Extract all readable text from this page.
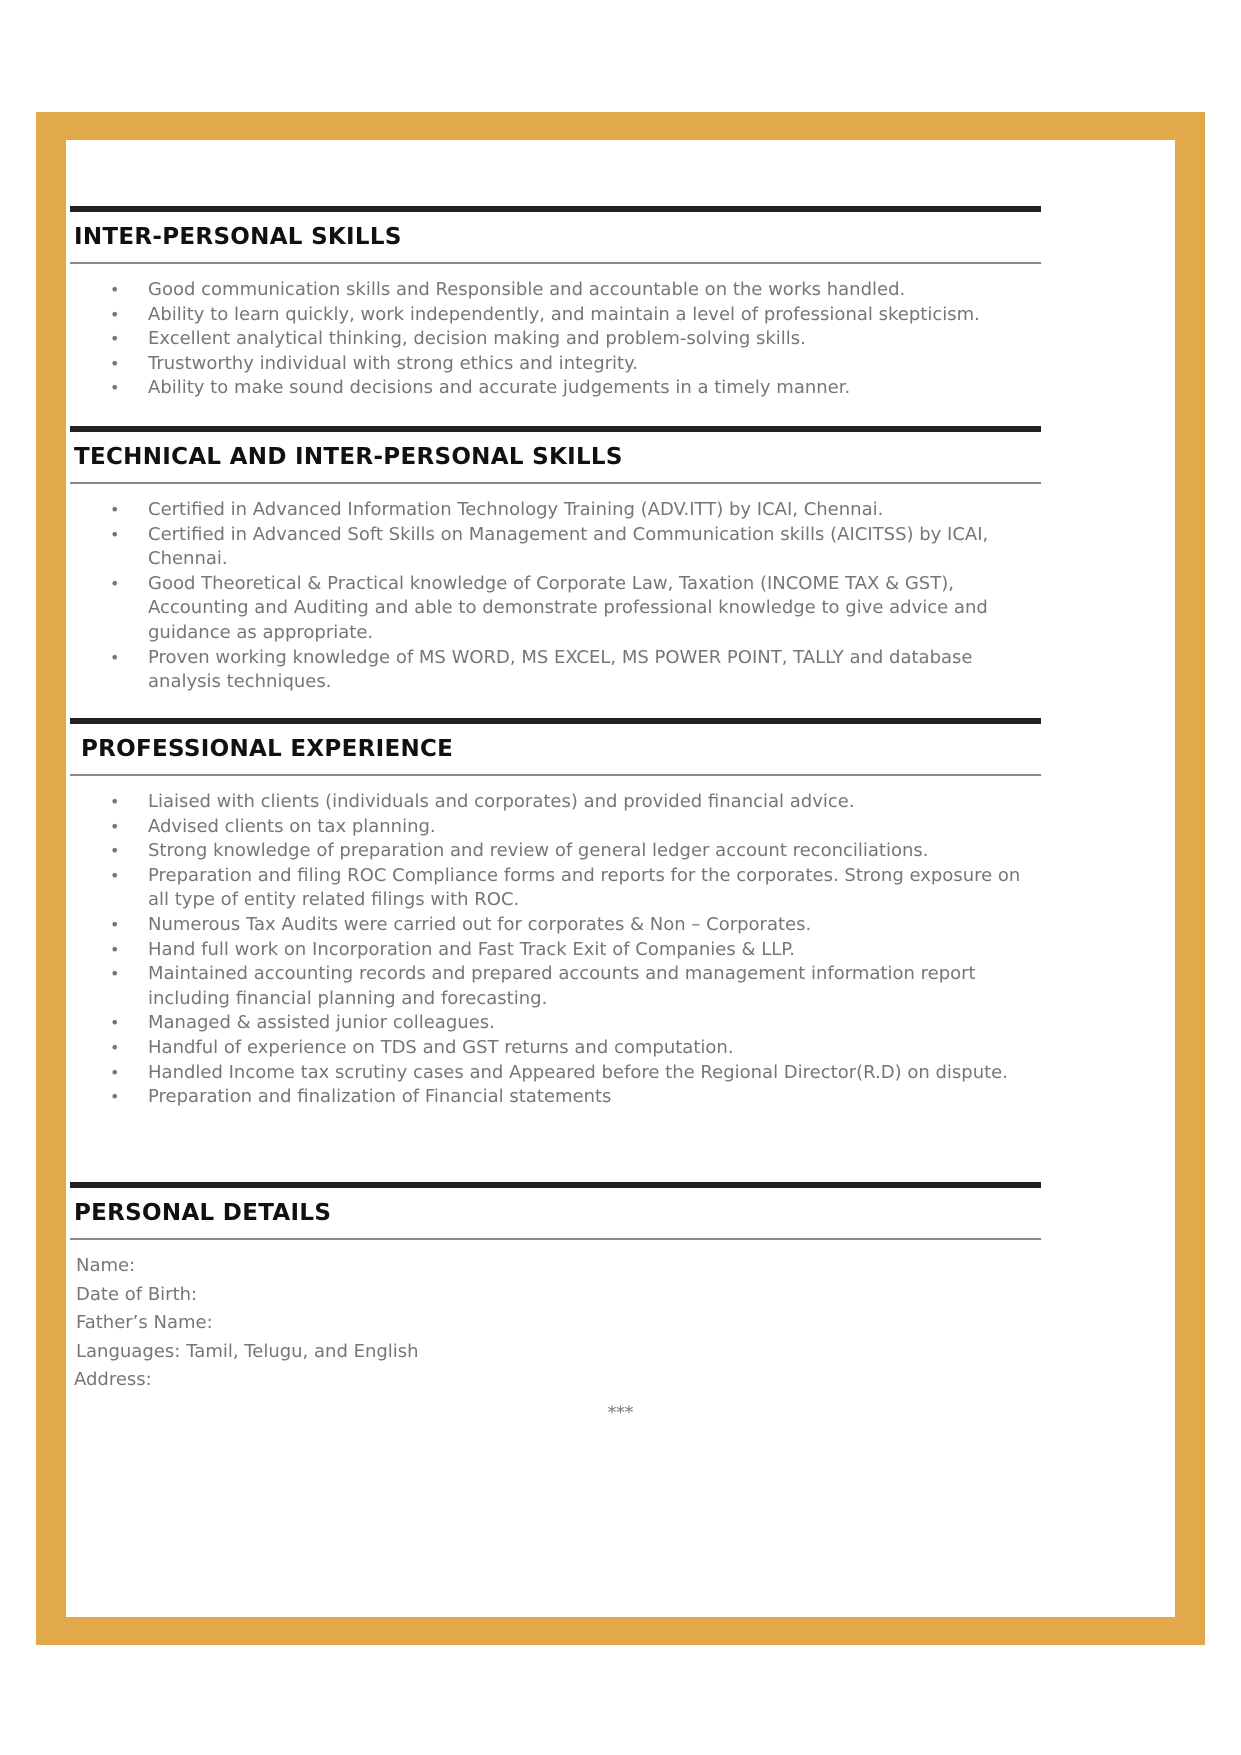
INTER-PERSONAL SKILLS
• Good communication skills and Responsible and accountable on the works handled.
• Ability to learn quickly, work independently, and maintain a level of professional skepticism.
• Excellent analytical thinking, decision making and problem-solving skills.
• Trustworthy individual with strong ethics and integrity.
• Ability to make sound decisions and accurate judgements in a timely manner.
TECHNICAL AND INTER-PERSONAL SKILLS
• Certified in Advanced Information Technology Training (ADV.ITT) by ICAI, Chennai.
• Certified in Advanced Soft Skills on Management and Communication skills (AICITSS) by ICAI, Chennai.
• Good Theoretical & Practical knowledge of Corporate Law, Taxation (INCOME TAX & GST), Accounting and Auditing and able to demonstrate professional knowledge to give advice and guidance as appropriate.
• Proven working knowledge of MS WORD, MS EXCEL, MS POWER POINT, TALLY and database analysis techniques.
PROFESSIONAL EXPERIENCE
• Liaised with clients (individuals and corporates) and provided financial advice.
• Advised clients on tax planning.
• Strong knowledge of preparation and review of general ledger account reconciliations.
• Preparation and filing ROC Compliance forms and reports for the corporates. Strong exposure on all type of entity related filings with ROC.
• Numerous Tax Audits were carried out for corporates & Non – Corporates.
• Hand full work on Incorporation and Fast Track Exit of Companies & LLP.
• Maintained accounting records and prepared accounts and management information report including financial planning and forecasting.
• Managed & assisted junior colleagues.
• Handful of experience on TDS and GST returns and computation.
• Handled Income tax scrutiny cases and Appeared before the Regional Director(R.D) on dispute.
• Preparation and finalization of Financial statements
PERSONAL DETAILS
Name:
Date of Birth:
Father’s Name:
Languages: Tamil, Telugu, and English
Address:
***
